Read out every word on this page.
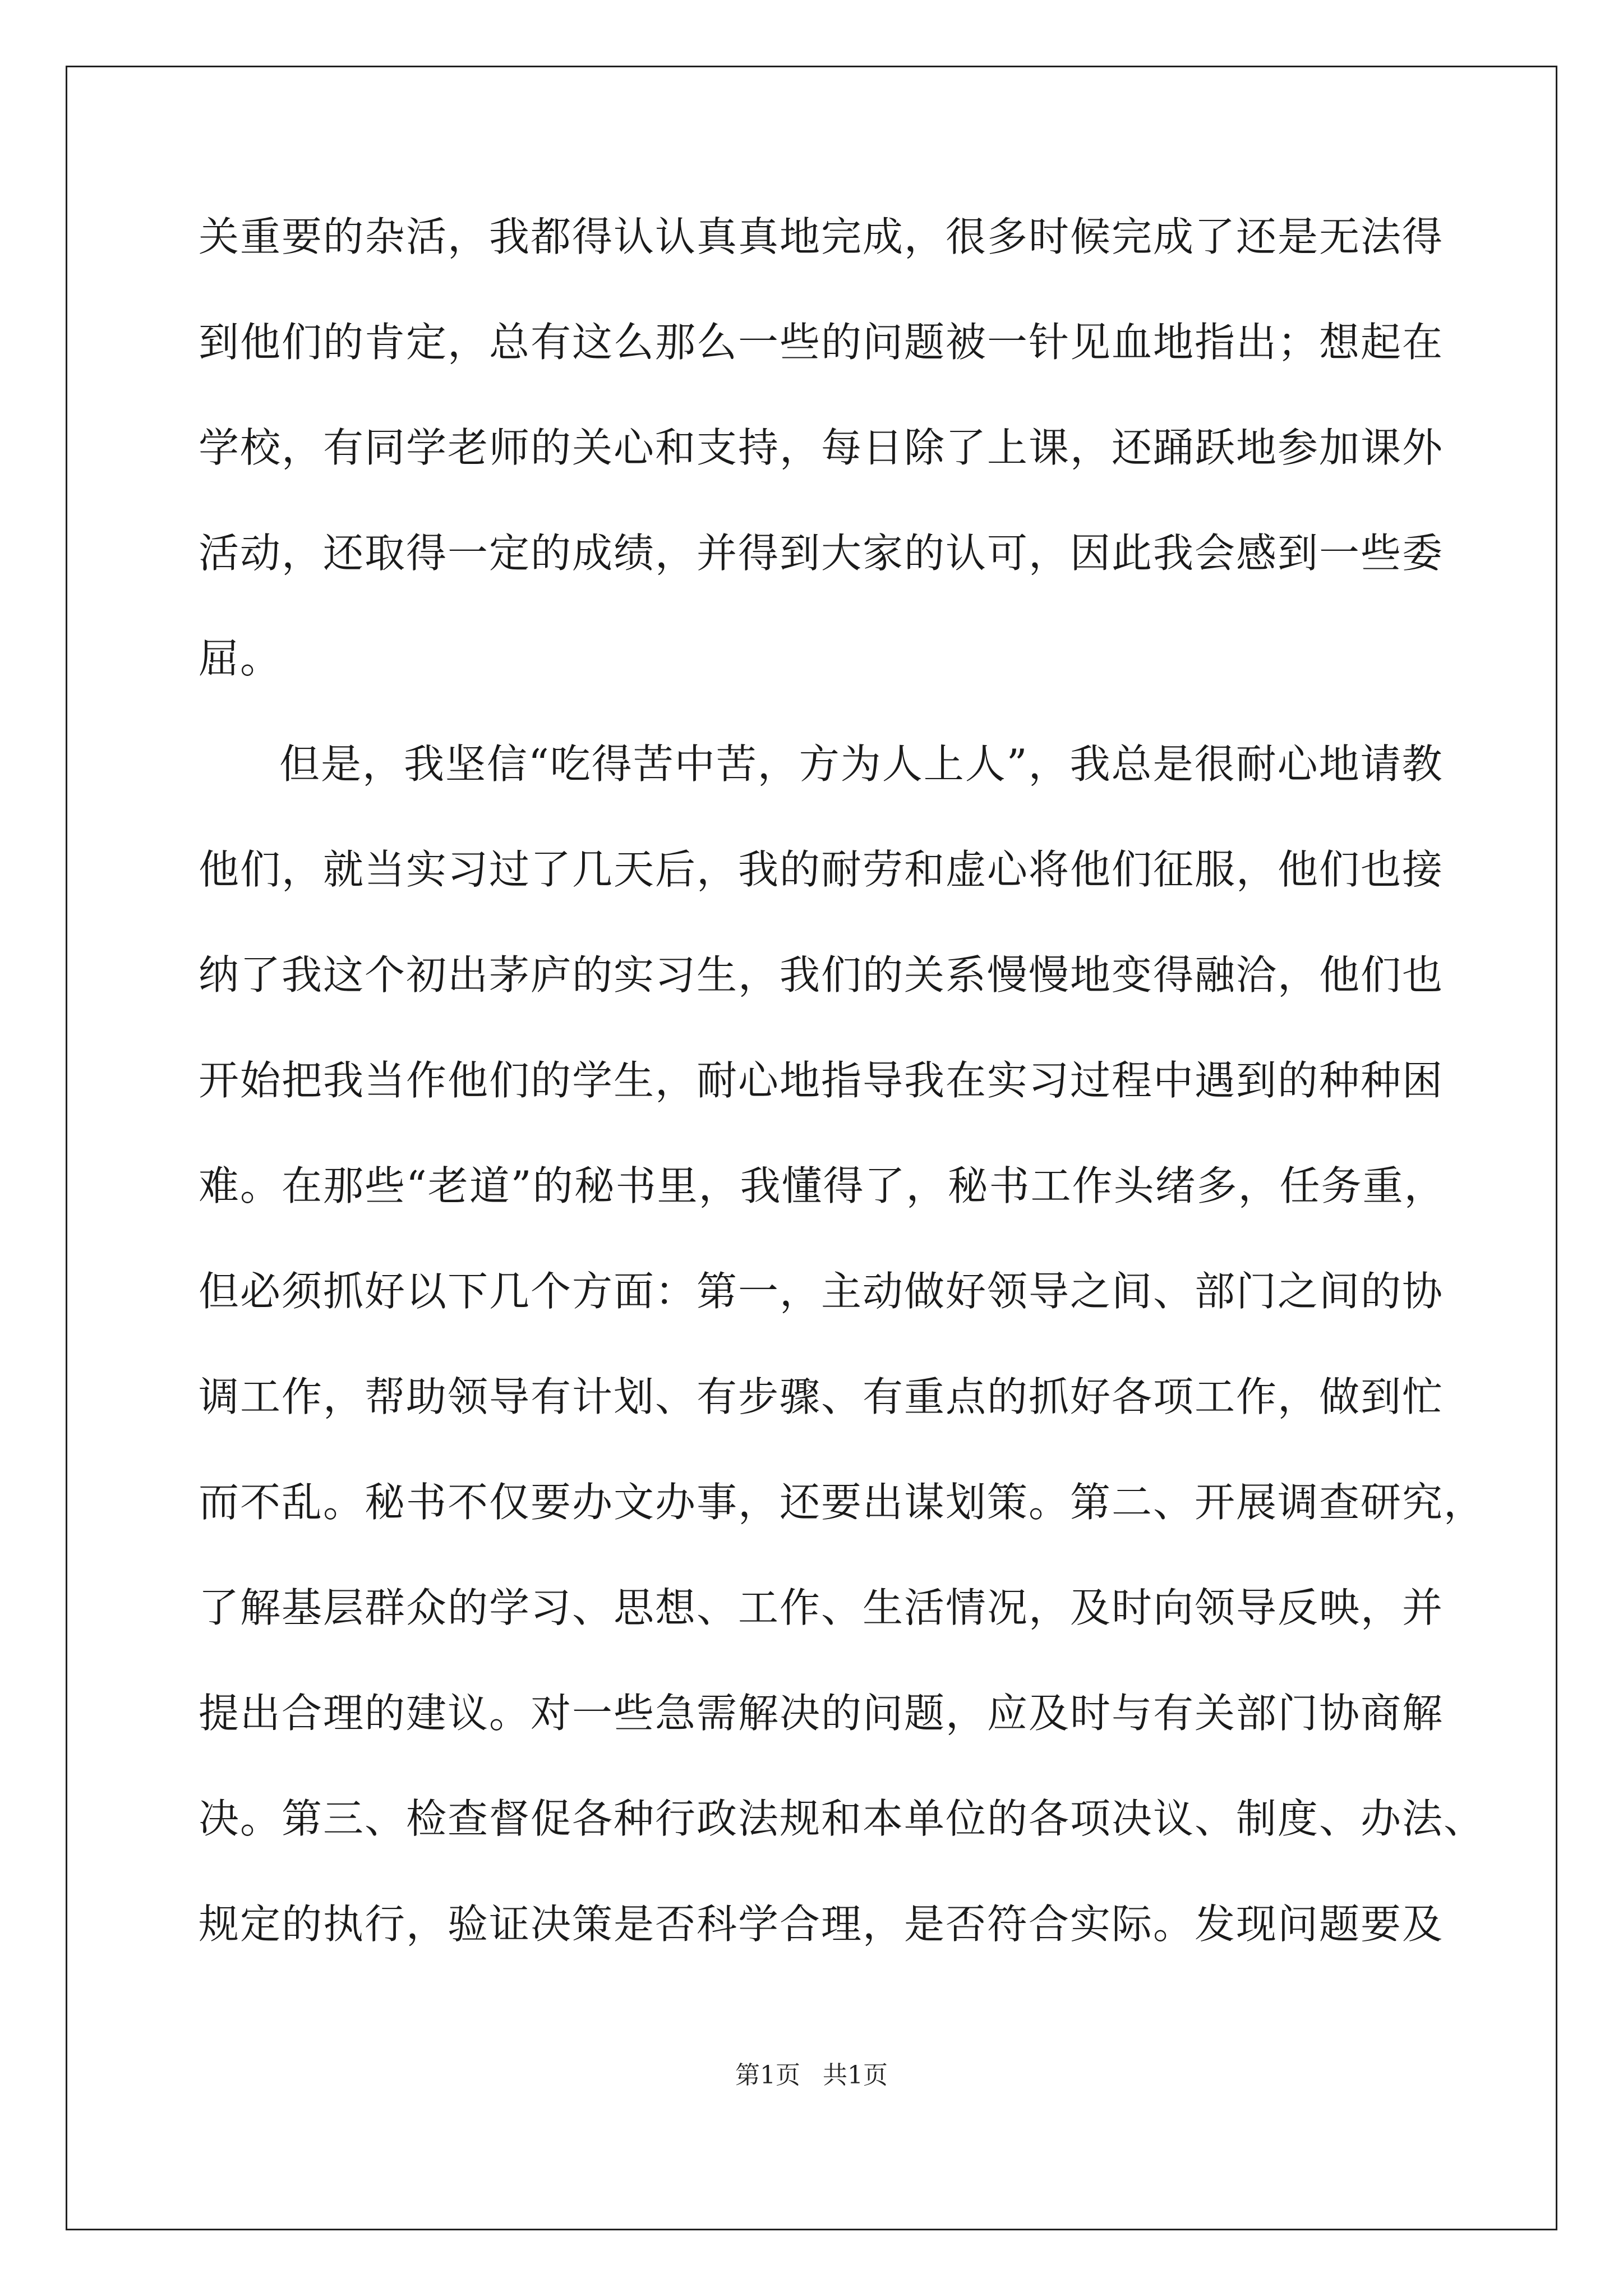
关重要的杂活，我都得认认真真地完成，很多时候完成了还是无法得
到他们的肯定，总有这么那么一些的问题被一针见血地指出；想起在
学校，有同学老师的关心和支持，每日除了上课，还踊跃地参加课外
活动，还取得一定的成绩，并得到大家的认可，因此我会感到一些委
屈。
但是，我坚信“吃得苦中苦，方为人上人”，我总是很耐心地请教
他们，就当实习过了几天后，我的耐劳和虚心将他们征服，他们也接
纳了我这个初出茅庐的实习生，我们的关系慢慢地变得融洽，他们也
开始把我当作他们的学生，耐心地指导我在实习过程中遇到的种种困
难。在那些“老道”的秘书里，我懂得了，秘书工作头绪多，任务重，
但必须抓好以下几个方面：第一，主动做好领导之间、部门之间的协
调工作，帮助领导有计划、有步骤、有重点的抓好各项工作，做到忙
而不乱。秘书不仅要办文办事，还要出谋划策。第二、开展调查研究，
了解基层群众的学习、思想、工作、生活情况，及时向领导反映，并
提出合理的建议。对一些急需解决的问题，应及时与有关部门协商解
决。第三、检查督促各种行政法规和本单位的各项决议、制度、办法、
规定的执行，验证决策是否科学合理，是否符合实际。发现问题要及
第1页 共1页
